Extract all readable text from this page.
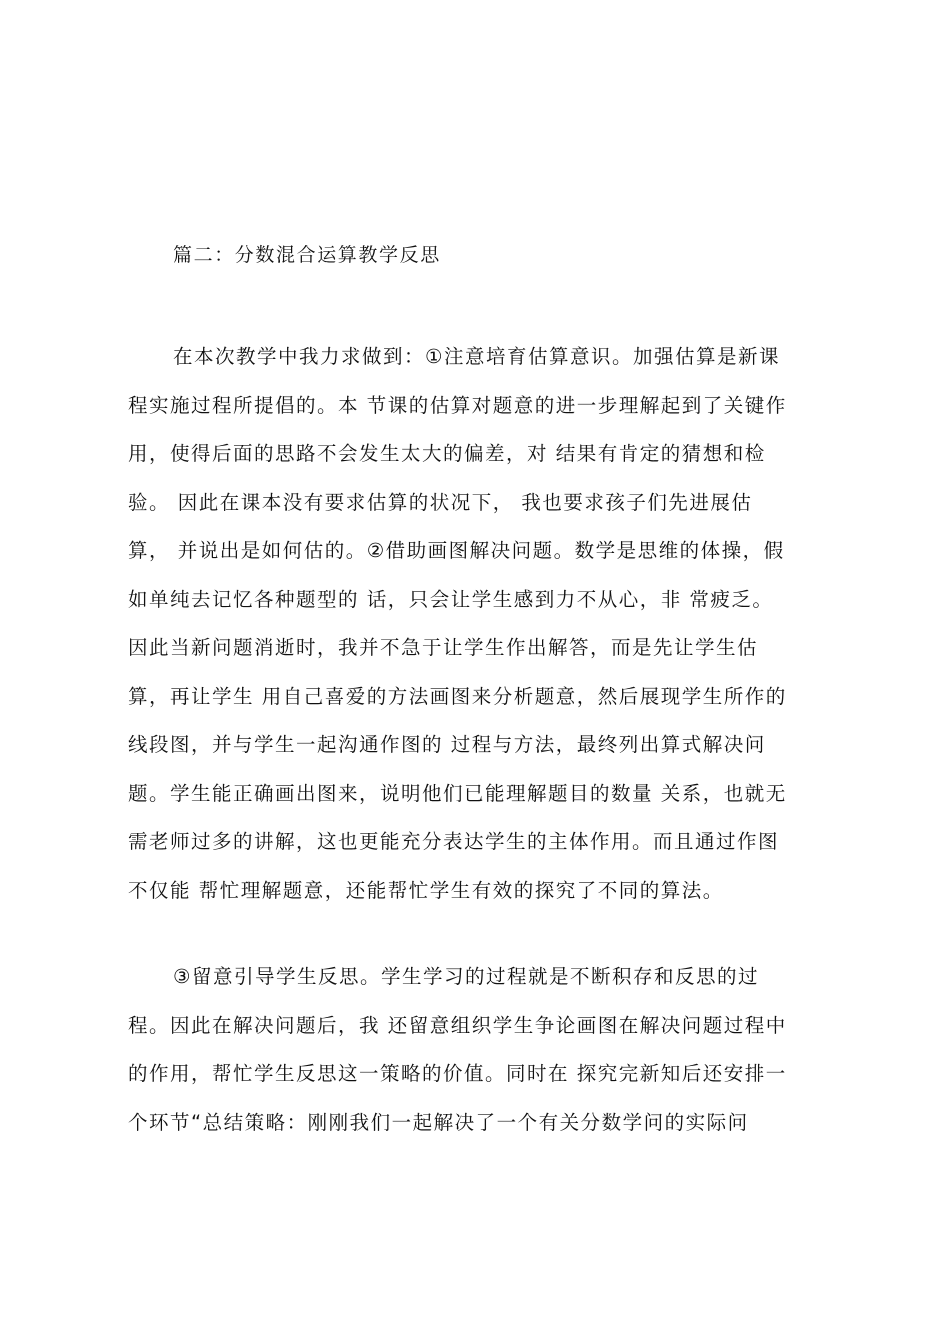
篇二：分数混合运算教学反思
在本次教学中我力求做到：①注意培育估算意识。加强估算是新课
程实施过程所提倡的。本 节课的估算对题意的进一步理解起到了关键作
用，使得后面的思路不会发生太大的偏差，对 结果有肯定的猜想和检
验。 因此在课本没有要求估算的状况下， 我也要求孩子们先进展估
算， 并说出是如何估的。②借助画图解决问题。数学是思维的体操，假
如单纯去记忆各种题型的 话，只会让学生感到力不从心，非 常疲乏。
因此当新问题消逝时，我并不急于让学生作出解答，而是先让学生估
算，再让学生 用自己喜爱的方法画图来分析题意，然后展现学生所作的
线段图，并与学生一起沟通作图的 过程与方法，最终列出算式解决问
题。学生能正确画出图来，说明他们已能理解题目的数量 关系，也就无
需老师过多的讲解，这也更能充分表达学生的主体作用。而且通过作图
不仅能 帮忙理解题意，还能帮忙学生有效的探究了不同的算法。
③留意引导学生反思。学生学习的过程就是不断积存和反思的过
程。因此在解决问题后，我 还留意组织学生争论画图在解决问题过程中
的作用，帮忙学生反思这一策略的价值。同时在 探究完新知后还安排一
个环节“总结策略：刚刚我们一起解决了一个有关分数学问的实际问
